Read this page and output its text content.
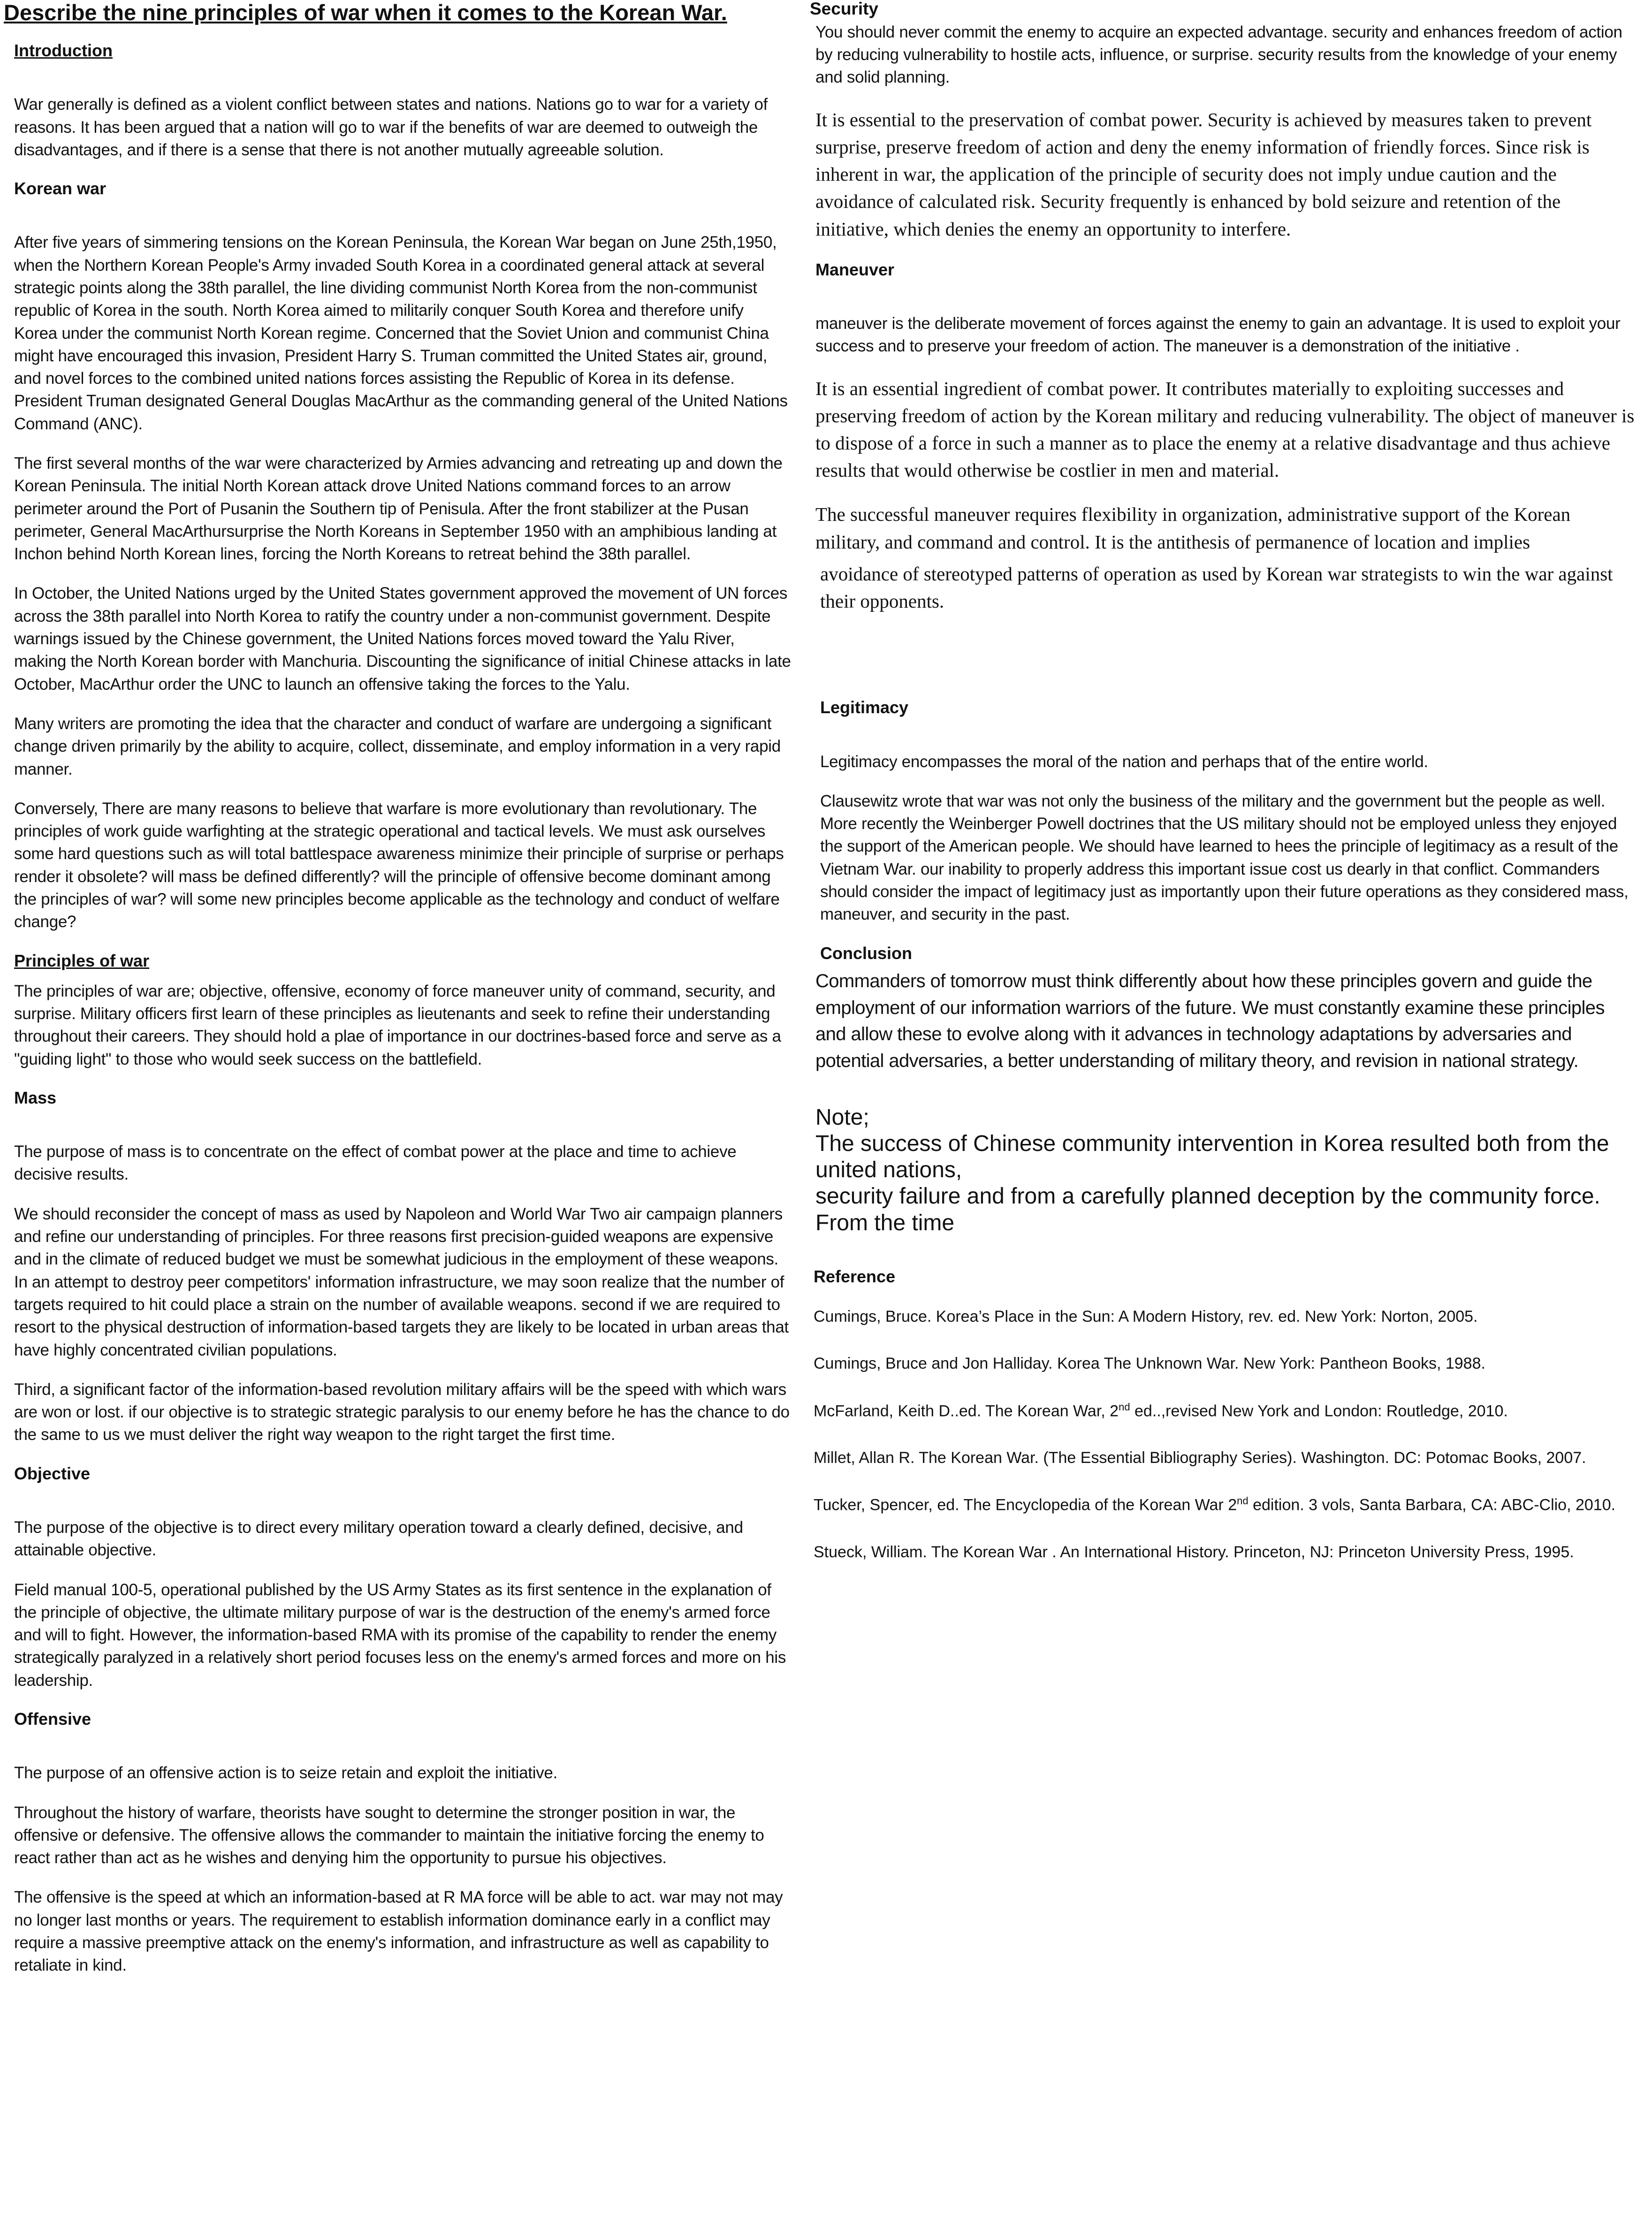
Describe the nine principles of war when it comes to the Korean War.
Introduction
War generally is defined as a violent conflict between states and nations. Nations go to war for a variety of reasons. It has been argued that a nation will go to war if the benefits of war are deemed to outweigh the disadvantages, and if there is a sense that there is not another mutually agreeable solution.
Korean war
After five years of simmering tensions on the Korean Peninsula, the Korean War began on June 25th,1950, when the Northern Korean People's Army invaded South Korea in a coordinated general attack at several strategic points along the 38th parallel, the line dividing communist North Korea from the non-communist republic of Korea in the south. North Korea aimed to militarily conquer South Korea and therefore unify Korea under the communist North Korean regime. Concerned that the Soviet Union and communist China might have encouraged this invasion, President Harry S. Truman committed the United States air, ground, and novel forces to the combined united nations forces assisting the Republic of Korea in its defense. President Truman designated General Douglas MacArthur as the commanding general of the United Nations Command (ANC).
The first several months of the war were characterized by Armies advancing and retreating up and down the Korean Peninsula. The initial North Korean attack drove United Nations command forces to an arrow perimeter around the Port of Pusanin the Southern tip of Penisula. After the front stabilizer at the Pusan perimeter, General MacArthursurprise the North Koreans in September 1950 with an amphibious landing at Inchon behind North Korean lines, forcing the North Koreans to retreat behind the 38th parallel.
In October, the United Nations urged by the United States government approved the movement of UN forces across the 38th parallel into North Korea to ratify the country under a non-communist government. Despite warnings issued by the Chinese government, the United Nations forces moved toward the Yalu River, making the North Korean border with Manchuria. Discounting the significance of initial Chinese attacks in late October, MacArthur order the UNC to launch an offensive taking the forces to the Yalu.
Many writers are promoting the idea that the character and conduct of warfare are undergoing a significant change driven primarily by the ability to acquire, collect, disseminate, and employ information in a very rapid manner.
Conversely, There are many reasons to believe that warfare is more evolutionary than revolutionary. The principles of work guide warfighting at the strategic operational and tactical levels. We must ask ourselves some hard questions such as will total battlespace awareness minimize their principle of surprise or perhaps render it obsolete? will mass be defined differently? will the principle of offensive become dominant among the principles of war? will some new principles become applicable as the technology and conduct of welfare change?
Principles of war
The principles of war are; objective, offensive, economy of force maneuver unity of command, security, and surprise. Military officers first learn of these principles as lieutenants and seek to refine their understanding throughout their careers. They should hold a plae of importance in our doctrines-based force and serve as a "guiding light" to those who would seek success on the battlefield.
Mass
The purpose of mass is to concentrate on the effect of combat power at the place and time to achieve decisive results.
We should reconsider the concept of mass as used by Napoleon and World War Two air campaign planners and refine our understanding of principles. For three reasons first precision-guided weapons are expensive and in the climate of reduced budget we must be somewhat judicious in the employment of these weapons. In an attempt to destroy peer competitors' information infrastructure, we may soon realize that the number of targets required to hit could place a strain on the number of available weapons. second if we are required to resort to the physical destruction of information-based targets they are likely to be located in urban areas that have highly concentrated civilian populations.
Third, a significant factor of the information-based revolution military affairs will be the speed with which wars are won or lost. if our objective is to strategic strategic paralysis to our enemy before he has the chance to do the same to us we must deliver the right way weapon to the right target the first time.
Objective
The purpose of the objective is to direct every military operation toward a clearly defined, decisive, and attainable objective.
Field manual 100-5, operational published by the US Army States as its first sentence in the explanation of the principle of objective, the ultimate military purpose of war is the destruction of the enemy's armed force and will to fight. However, the information-based RMA with its promise of the capability to render the enemy strategically paralyzed in a relatively short period focuses less on the enemy's armed forces and more on his leadership.
Offensive
The purpose of an offensive action is to seize retain and exploit the initiative.
Throughout the history of warfare, theorists have sought to determine the stronger position in war, the offensive or defensive. The offensive allows the commander to maintain the initiative forcing the enemy to react rather than act as he wishes and denying him the opportunity to pursue his objectives.
The offensive is the speed at which an information-based at R MA force will be able to act. war may not may no longer last months or years. The requirement to establish information dominance early in a conflict may require a massive preemptive attack on the enemy's information, and infrastructure as well as capability to retaliate in kind.
Security
You should never commit the enemy to acquire an expected advantage. security and enhances freedom of action by reducing vulnerability to hostile acts, influence, or surprise. security results from the knowledge of your enemy and solid planning.
It is essential to the preservation of combat power. Security is achieved by measures taken to prevent surprise, preserve freedom of action and deny the enemy information of friendly forces. Since risk is inherent in war, the application of the principle of security does not imply undue caution and the avoidance of calculated risk. Security frequently is enhanced by bold seizure and retention of the initiative, which denies the enemy an opportunity to interfere.
Maneuver
maneuver is the deliberate movement of forces against the enemy to gain an advantage. It is used to exploit your success and to preserve your freedom of action. The maneuver is a demonstration of the initiative .
It is an essential ingredient of combat power. It contributes materially to exploiting successes and preserving freedom of action by the Korean military and reducing vulnerability. The object of maneuver is to dispose of a force in such a manner as to place the enemy at a relative disadvantage and thus achieve results that would otherwise be costlier in men and material.
The successful maneuver requires flexibility in organization, administrative support of the Korean military, and command and control. It is the antithesis of permanence of location and implies
avoidance of stereotyped patterns of operation as used by Korean war strategists to win the war against their opponents.
Legitimacy
Legitimacy encompasses the moral of the nation and perhaps that of the entire world.
Clausewitz wrote that war was not only the business of the military and the government but the people as well. More recently the Weinberger Powell doctrines that the US military should not be employed unless they enjoyed the support of the American people. We should have learned to hees the principle of legitimacy as a result of the Vietnam War. our inability to properly address this important issue cost us dearly in that conflict. Commanders should consider the impact of legitimacy just as importantly upon their future operations as they considered mass, maneuver, and security in the past.
Conclusion
Commanders of tomorrow must think differently about how these principles govern and guide the employment of our information warriors of the future. We must constantly examine these principles and allow these to evolve along with it advances in technology adaptations by adversaries and potential adversaries, a better understanding of military theory, and revision in national strategy.
Note;
The success of Chinese community intervention in Korea resulted both from the united nations,
security failure and from a carefully planned deception by the community force. From the time
Reference
Cumings, Bruce. Korea’s Place in the Sun: A Modern History, rev. ed. New York: Norton, 2005.
Cumings, Bruce and Jon Halliday. Korea The Unknown War. New York: Pantheon Books, 1988.
McFarland, Keith D..ed. The Korean War, 2nd ed..,revised New York and London: Routledge, 2010.
Millet, Allan R. The Korean War. (The Essential Bibliography Series). Washington. DC: Potomac Books, 2007.
Tucker, Spencer, ed. The Encyclopedia of the Korean War 2nd edition. 3 vols, Santa Barbara, CA: ABC-Clio, 2010.
Stueck, William. The Korean War . An International History. Princeton, NJ: Princeton University Press, 1995.
